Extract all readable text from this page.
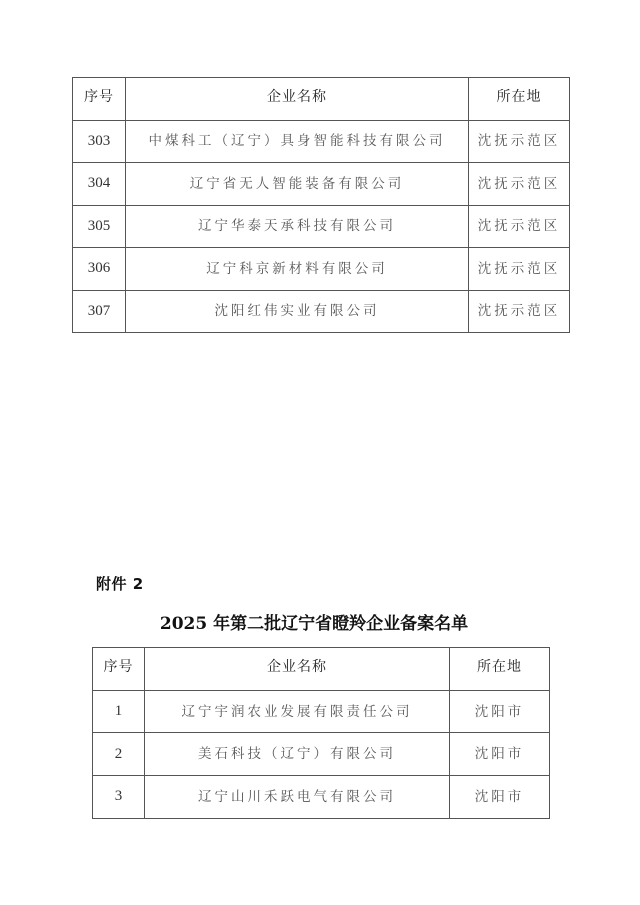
序号	企业名称	所在地
303	中煤科工（辽宁）具身智能科技有限公司	沈抚示范区
304	辽宁省无人智能装备有限公司	沈抚示范区
305	辽宁华泰天承科技有限公司	沈抚示范区
306	辽宁科京新材料有限公司	沈抚示范区
307	沈阳红伟实业有限公司	沈抚示范区
附件 2
2025 年第二批辽宁省瞪羚企业备案名单
序号	企业名称	所在地
1	辽宁宇润农业发展有限责任公司	沈阳市
2	美石科技（辽宁）有限公司	沈阳市
3	辽宁山川禾跃电气有限公司	沈阳市
